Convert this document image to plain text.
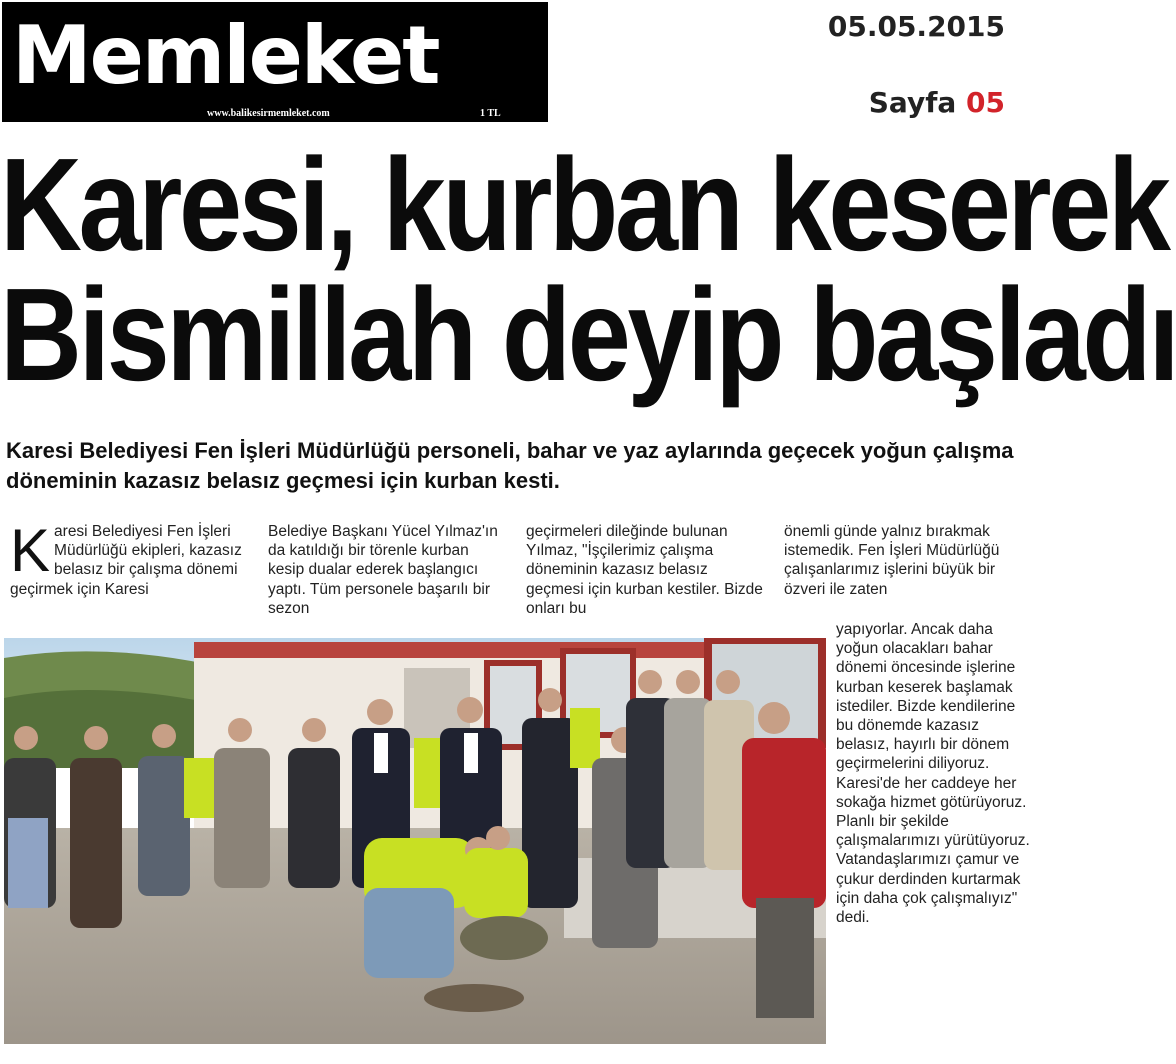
Memleket
www.balikesirmemleket.com	1 TL
05.05.2015
Sayfa 05
Karesi, kurban keserek
Bismillah deyip başladı

Karesi Belediyesi Fen İşleri Müdürlüğü personeli, bahar ve yaz aylarında geçecek yoğun çalışma döneminin kazasız belasız geçmesi için kurban kesti.

K aresi Belediyesi Fen İşleri Müdürlüğü ekipleri, kazasız belasız bir çalışma dönemi geçirmek için Karesi

Belediye Başkanı Yücel Yılmaz'ın da katıldığı bir törenle kurban kesip dualar ederek başlangıcı yaptı. Tüm personele başarılı bir sezon

geçirmeleri dileğinde bulunan Yılmaz, "İşçilerimiz çalışma döneminin kazasız belasız geçmesi için kurban kestiler. Bizde onları bu

önemli günde yalnız bırakmak istemedik. Fen İşleri Müdürlüğü çalışanlarımız işlerini büyük bir özveri ile zaten

yapıyorlar. Ancak daha yoğun olacakları bahar dönemi öncesinde işlerine kurban keserek başlamak istediler. Bizde kendilerine bu dönemde kazasız belasız, hayırlı bir dönem geçirmelerini diliyoruz. Karesi'de her caddeye her sokağa hizmet götürüyoruz. Planlı bir şekilde çalışmalarımızı yürütüyoruz. Vatandaşlarımızı çamur ve çukur derdinden kurtarmak için daha çok çalışmalıyız" dedi.
